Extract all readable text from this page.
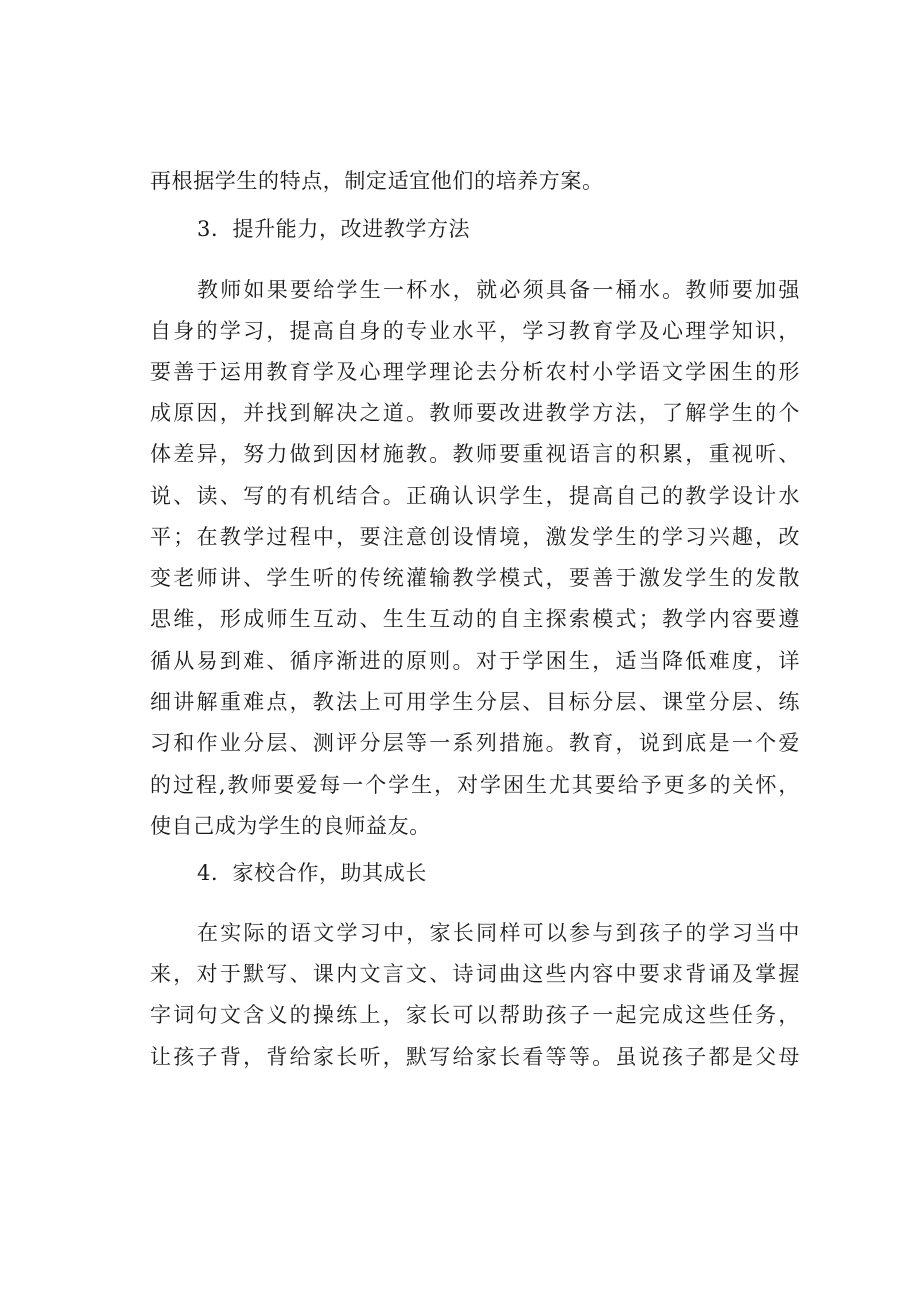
再根据学生的特点，制定适宜他们的培养方案。
3．提升能力，改进教学方法
教师如果要给学生一杯水，就必须具备一桶水。教师要加强
自身的学习，提高自身的专业水平，学习教育学及心理学知识，
要善于运用教育学及心理学理论去分析农村小学语文学困生的形
成原因，并找到解决之道。教师要改进教学方法，了解学生的个
体差异，努力做到因材施教。教师要重视语言的积累，重视听、
说、读、写的有机结合。正确认识学生，提高自己的教学设计水
平；在教学过程中，要注意创设情境，激发学生的学习兴趣，改
变老师讲、学生听的传统灌输教学模式，要善于激发学生的发散
思维，形成师生互动、生生互动的自主探索模式；教学内容要遵
循从易到难、循序渐进的原则。对于学困生，适当降低难度，详
细讲解重难点，教法上可用学生分层、目标分层、课堂分层、练
习和作业分层、测评分层等一系列措施。教育，说到底是一个爱
的过程,教师要爱每一个学生，对学困生尤其要给予更多的关怀，
使自己成为学生的良师益友。
4．家校合作，助其成长
在实际的语文学习中，家长同样可以参与到孩子的学习当中
来，对于默写、课内文言文、诗词曲这些内容中要求背诵及掌握
字词句文含义的操练上，家长可以帮助孩子一起完成这些任务，
让孩子背，背给家长听，默写给家长看等等。虽说孩子都是父母
